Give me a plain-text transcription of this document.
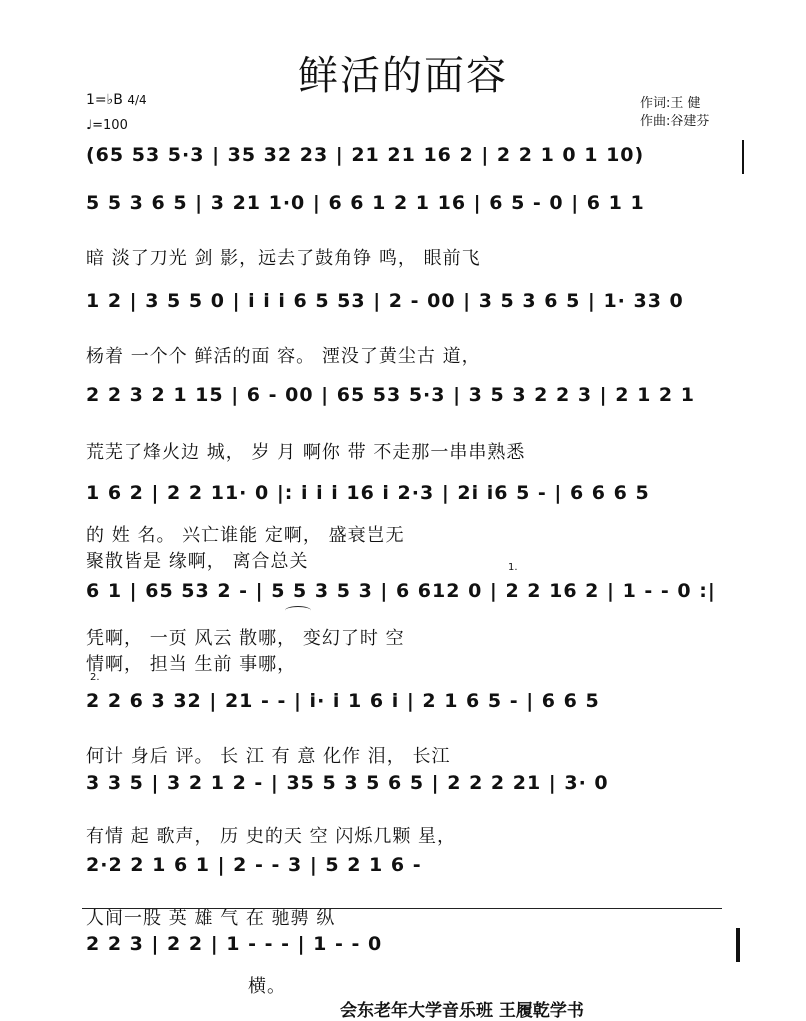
鲜活的面容
1=♭B 4/4
♩=100
作词:王 健
作曲:谷建芬
(65 53 5·3 | 35 32 23 | 21 21 16 2 | 2 2 1 0 1 10)
5 5 3 6 5 | 3 21 1·0 | 6 6 1 2 1 16 | 6 5 - 0 | 6 1 1
暗 淡了刀光 剑 影，远去了鼓角铮 鸣， 眼前飞
1 2 | 3 5 5 0 | i i i 6 5 53 | 2 - 00 | 3 5 3 6 5 | 1· 33 0
杨着 一个个 鲜活的面 容。 湮没了黄尘古 道，
2 2 3 2 1 15 | 6 - 00 | 65 53 5·3 | 3 5 3 2 2 3 | 2 1 2 1
荒芜了烽火边 城， 岁 月 啊你 带 不走那一串串熟悉
1 6 2 | 2 2 11· 0 |: i i i 16 i 2·3 | 2i i6 5 - | 6 6 6 5
的 姓 名。 兴亡谁能 定啊， 盛衰岂无
聚散皆是 缘啊， 离合总关	1.
6 1 | 65 53 2 - | 5 5 3 5 3 | 6 612 0 | 2 2 16 2 | 1 - - 0 :|
凭啊， 一页 风云 散哪， 变幻了时 空
情啊， 担当 生前 事哪，
2.
2 2 6 3 32 | 21 - - | i· i 1 6 i | 2 1 6 5 - | 6 6 5
何计 身后 评。 长 江 有 意 化作 泪， 长江
3 3 5 | 3 2 1 2 - | 35 5 3 5 6 5 | 2 2 2 21 | 3· 0
有情 起 歌声， 历 史的天 空 闪烁几颗 星，
2·2 2 1 6 1 | 2 - - 3 | 5 2 1 6 -
人间一股 英 雄 气 在 驰骋 纵
2 2 3 | 2 2 | 1 - - - | 1 - - 0
横。
会东老年大学音乐班 王履乾学书
